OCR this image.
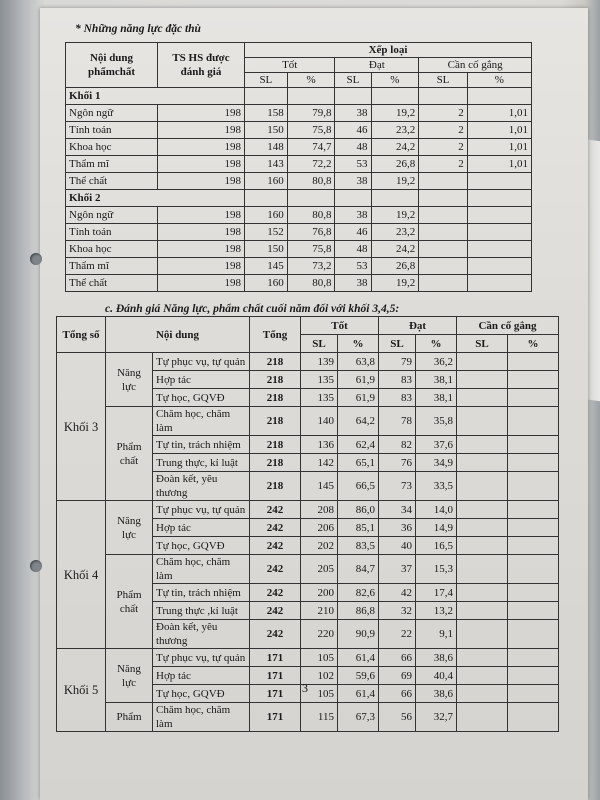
* Những năng lực đặc thù
Nội dung phẩmchất	TS HS được đánh giá	Xếp loại					
		Tốt		Đạt		Cần cố gắng	
		SL	%	SL	%	SL	%
Khối 1							
Ngôn ngữ	198	158	79,8	38	19,2	2	1,01
Tính toán	198	150	75,8	46	23,2	2	1,01
Khoa học	198	148	74,7	48	24,2	2	1,01
Thẩm mĩ	198	143	72,2	53	26,8	2	1,01
Thể chất	198	160	80,8	38	19,2		
Khối 2							
Ngôn ngữ	198	160	80,8	38	19,2		
Tính toán	198	152	76,8	46	23,2		
Khoa học	198	150	75,8	48	24,2		
Thẩm mĩ	198	145	73,2	53	26,8		
Thể chất	198	160	80,8	38	19,2		
c. Đánh giá Năng lực, phẩm chất cuối năm đối với khối 3,4,5:
Tổng số	Nội dung		Tổng	Tốt		Đạt		Cần cố gắng	
				SL	%	SL	%	SL	%
Khối 3	Năng lực	Tự phục vụ, tự quản	218	139	63,8	79	36,2		
		Hợp tác	218	135	61,9	83	38,1		
		Tự học, GQVĐ	218	135	61,9	83	38,1		
	Phẩm chất	Chăm học, chăm làm	218	140	64,2	78	35,8		
		Tự tin, trách nhiệm	218	136	62,4	82	37,6		
		Trung thực, kỉ luật	218	142	65,1	76	34,9		
		Đoàn kết, yêu thương	218	145	66,5	73	33,5		
Khối 4	Năng lực	Tự phục vụ, tự quản	242	208	86,0	34	14,0		
		Hợp tác	242	206	85,1	36	14,9		
		Tự học, GQVĐ	242	202	83,5	40	16,5		
	Phẩm chất	Chăm học, chăm làm	242	205	84,7	37	15,3		
		Tự tin, trách nhiệm	242	200	82,6	42	17,4		
		Trung thực ,kỉ luật	242	210	86,8	32	13,2		
		Đoàn kết, yêu thương	242	220	90,9	22	9,1		
Khối 5	Năng lực	Tự phục vụ, tự quản	171	105	61,4	66	38,6		
		Hợp tác	171	102	59,6	69	40,4		
		Tự học, GQVĐ	171	105	61,4	66	38,6		
	Phẩm	Chăm học, chăm làm	171	115	67,3	56	32,7		
3
